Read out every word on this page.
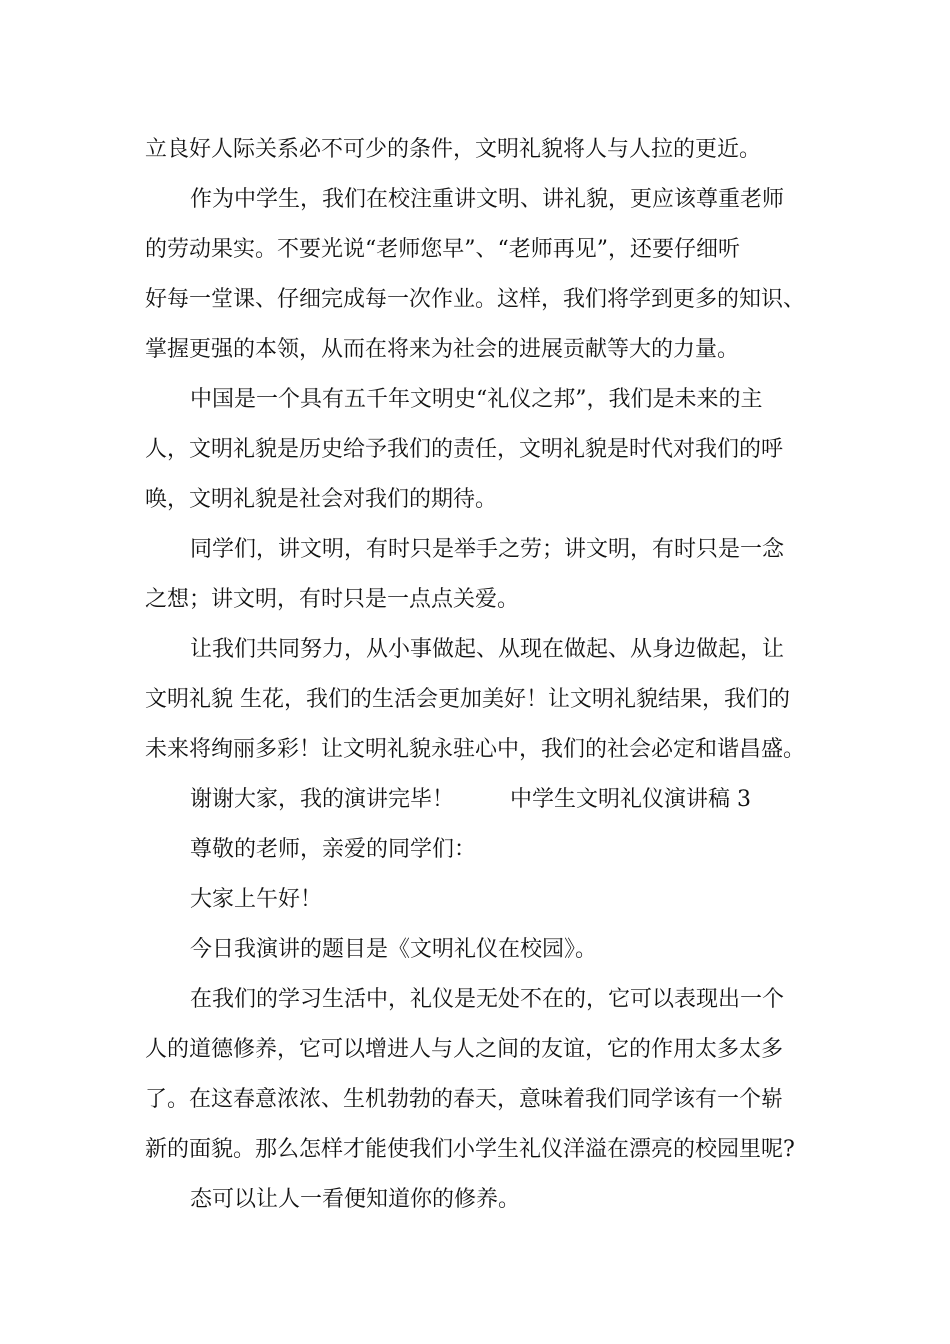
立良好人际关系必不可少的条件，文明礼貌将人与人拉的更近。

作为中学生，我们在校注重讲文明、讲礼貌，更应该尊重老师

的劳动果实。不要光说“老师您早”、“老师再见”，还要仔细听

好每一堂课、仔细完成每一次作业。这样，我们将学到更多的知识、

掌握更强的本领，从而在将来为社会的进展贡献等大的力量。

中国是一个具有五千年文明史“礼仪之邦”，我们是未来的主

人，文明礼貌是历史给予我们的责任，文明礼貌是时代对我们的呼

唤，文明礼貌是社会对我们的期待。

同学们，讲文明，有时只是举手之劳；讲文明，有时只是一念

之想；讲文明，有时只是一点点关爱。

让我们共同努力，从小事做起、从现在做起、从身边做起，让

文明礼貌 生花，我们的生活会更加美好！让文明礼貌结果，我们的

未来将绚丽多彩！让文明礼貌永驻心中，我们的社会必定和谐昌盛。

谢谢大家，我的演讲完毕！        中学生文明礼仪演讲稿 3

尊敬的老师，亲爱的同学们：

大家上午好！

今日我演讲的题目是《文明礼仪在校园》。

在我们的学习生活中，礼仪是无处不在的，它可以表现出一个

人的道德修养，它可以增进人与人之间的友谊，它的作用太多太多

了。在这春意浓浓、生机勃勃的春天，意味着我们同学该有一个崭

新的面貌。那么怎样才能使我们小学生礼仪洋溢在漂亮的校园里呢?

态可以让人一看便知道你的修养。
